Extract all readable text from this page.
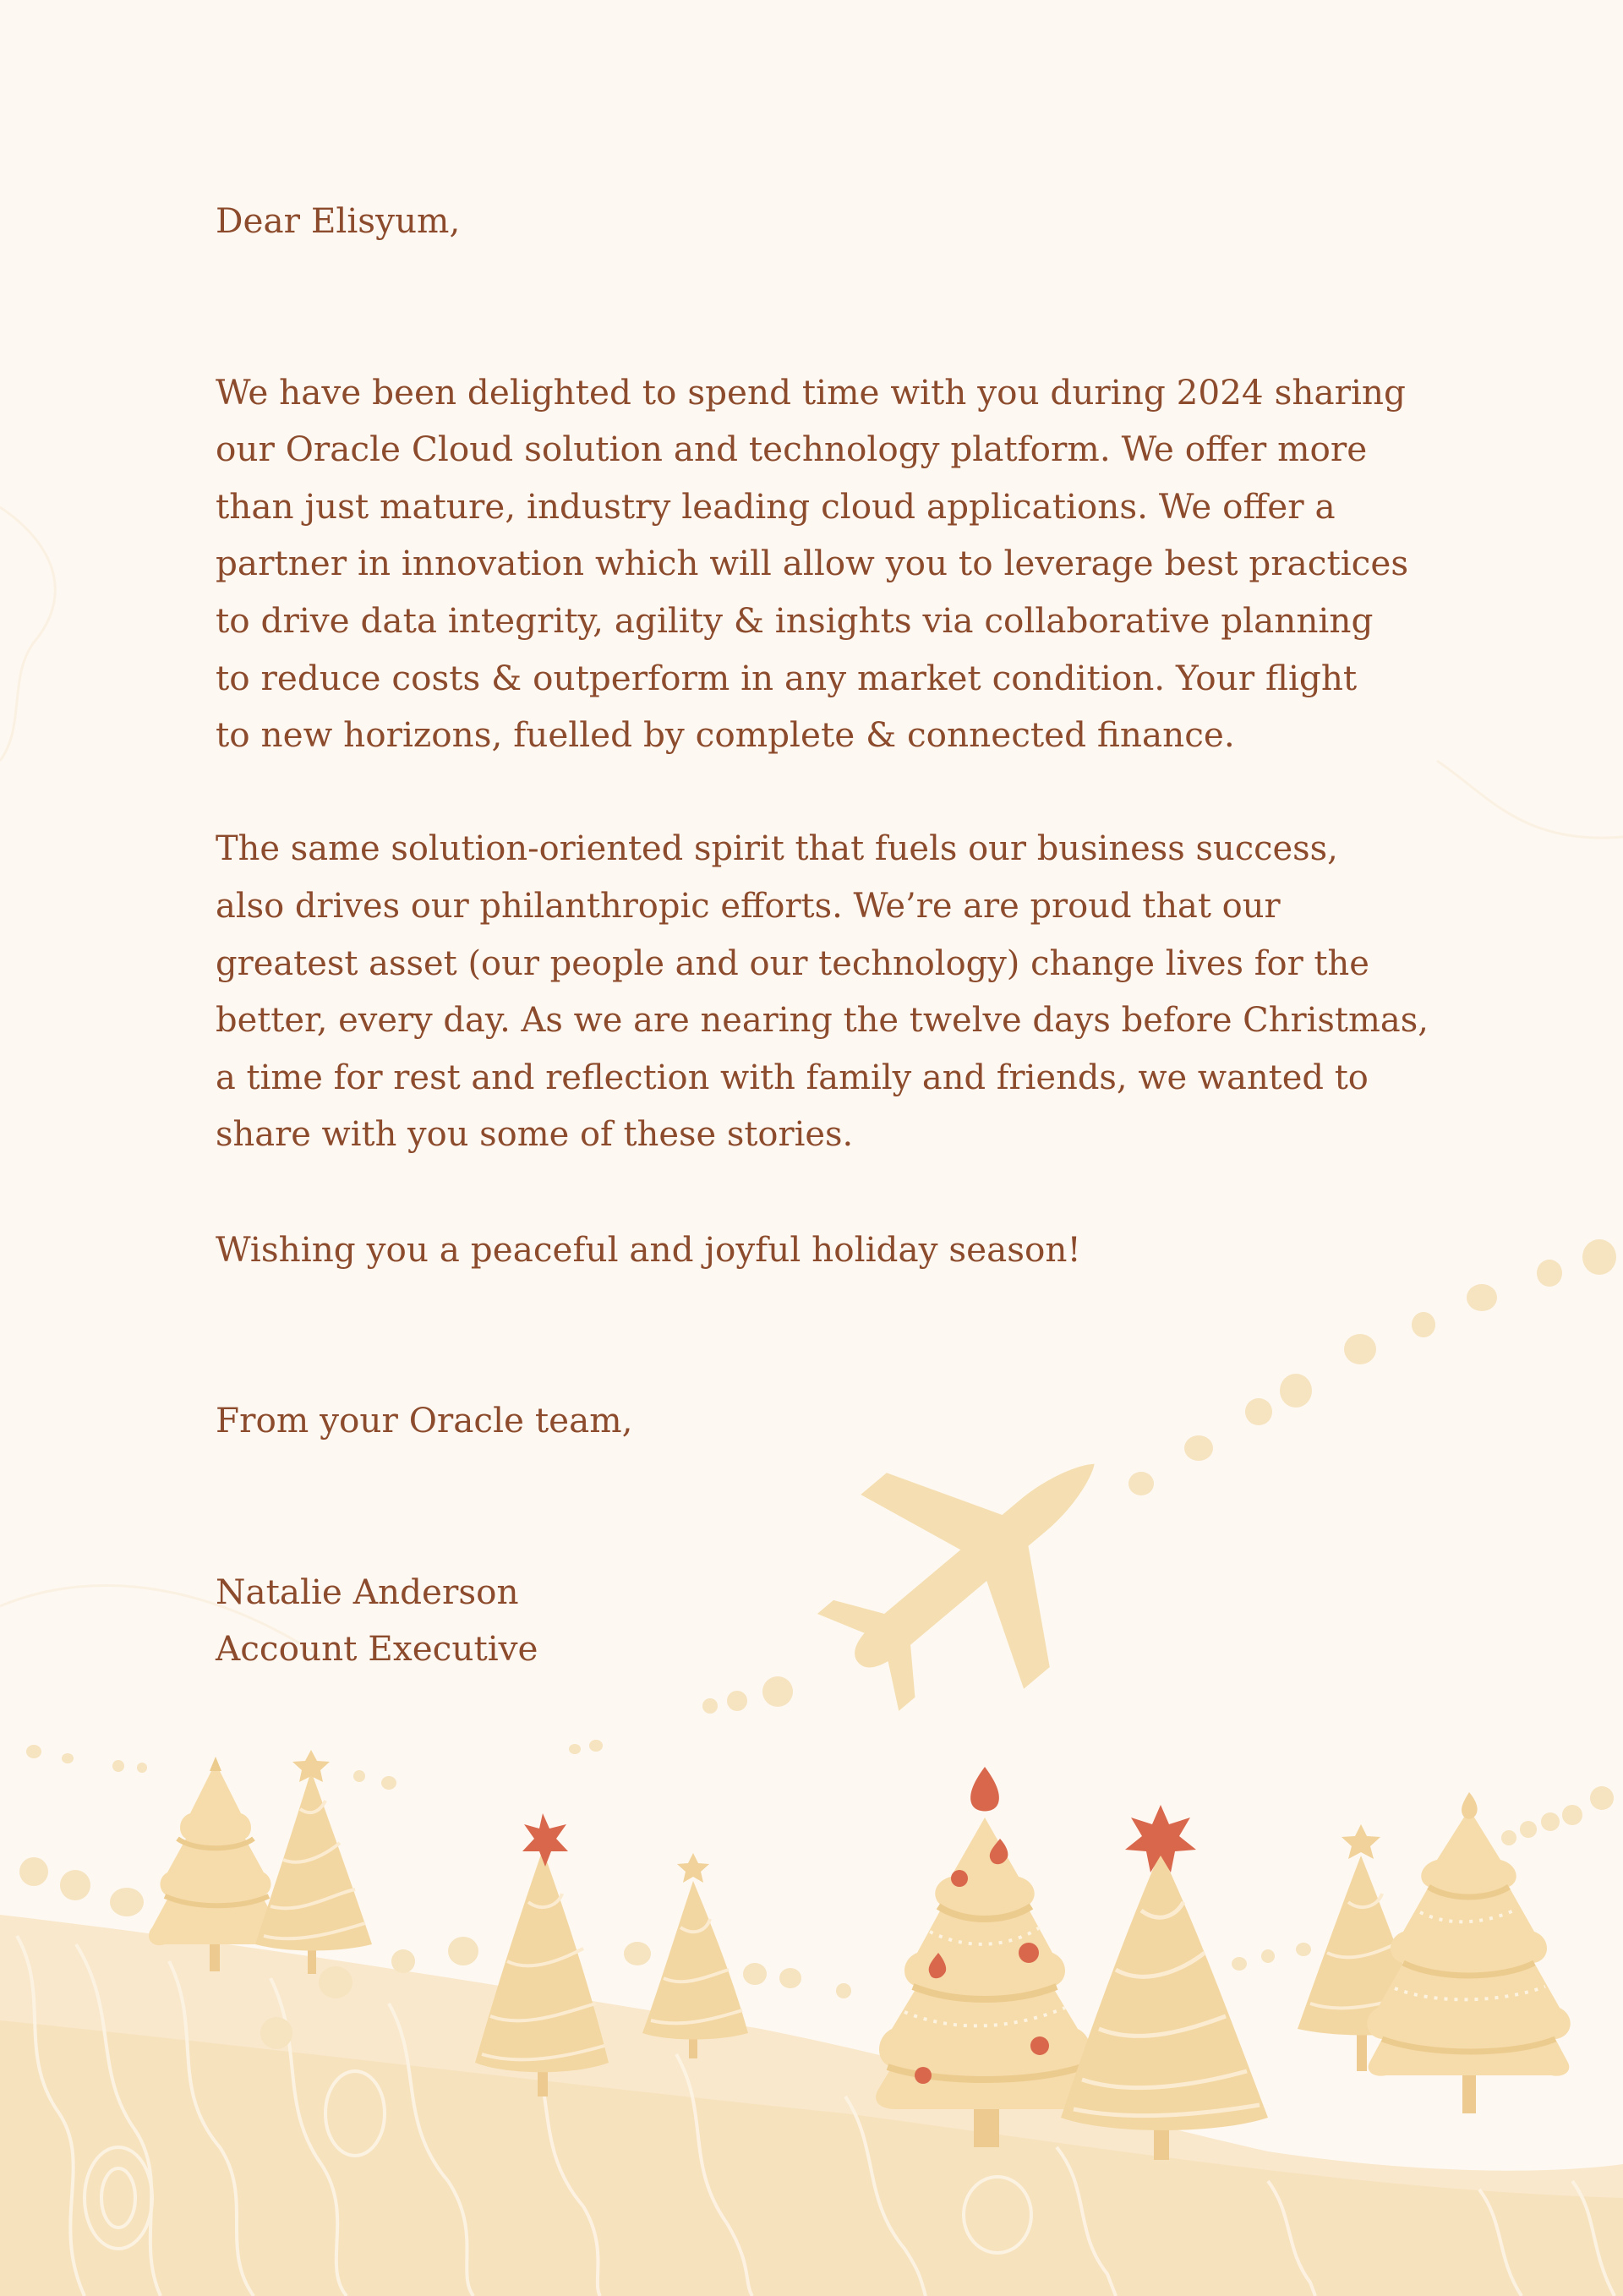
Dear Elisyum,

We have been delighted to spend time with you during 2024 sharing
our Oracle Cloud solution and technology platform. We offer more
than just mature, industry leading cloud applications. We offer a
partner in innovation which will allow you to leverage best practices
to drive data integrity, agility & insights via collaborative planning
to reduce costs & outperform in any market condition. Your flight
to new horizons, fuelled by complete & connected finance.

The same solution-oriented spirit that fuels our business success,
also drives our philanthropic efforts. We’re are proud that our
greatest asset (our people and our technology) change lives for the
better, every day. As we are nearing the twelve days before Christmas,
a time for rest and reflection with family and friends, we wanted to
share with you some of these stories.

Wishing you a peaceful and joyful holiday season!

From your Oracle team,

Natalie Anderson
Account Executive
